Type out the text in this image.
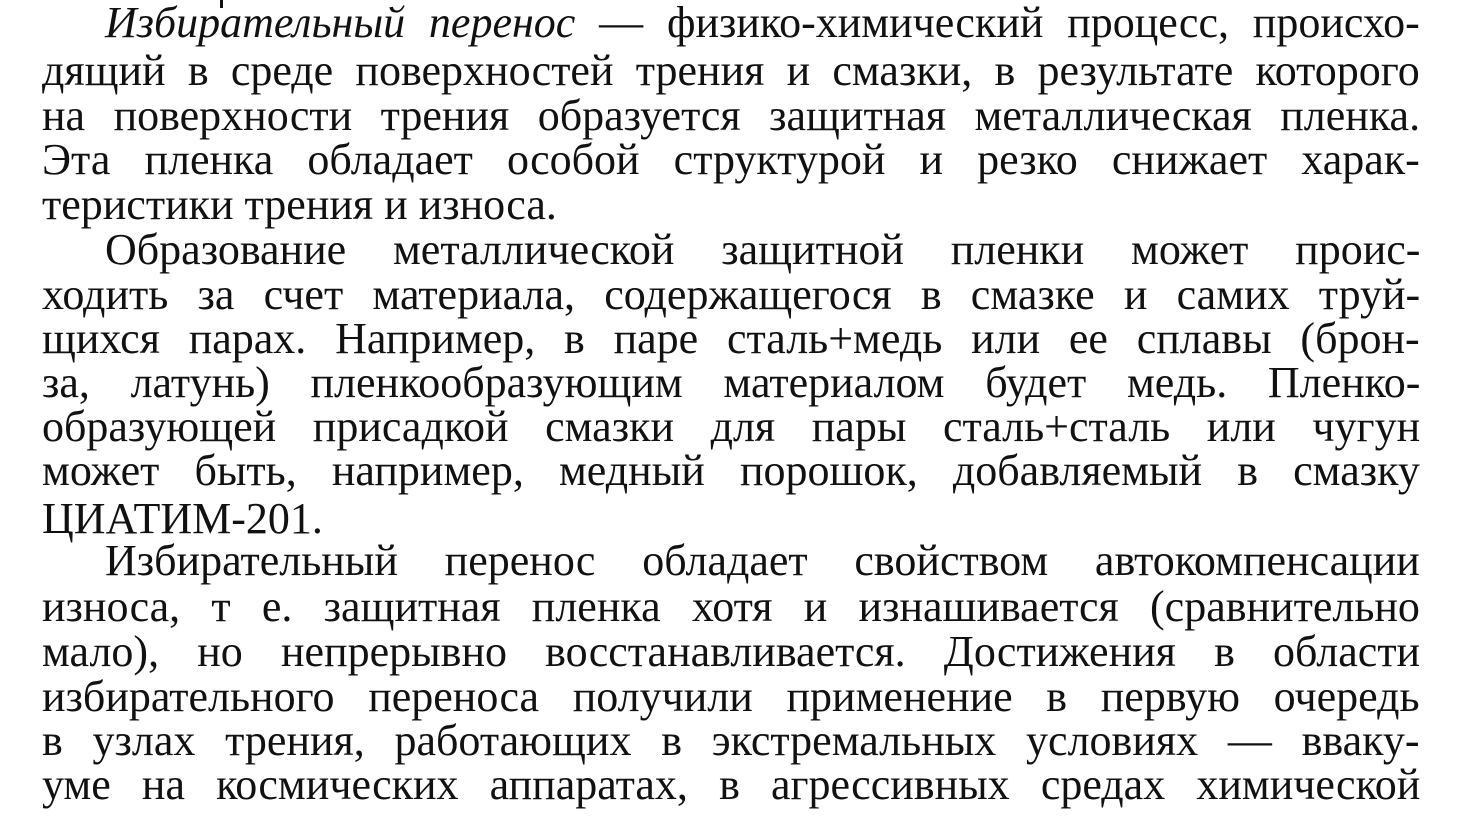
Избирательный перенос — физико-химический процесс, происхо-

дящий в среде поверхностей трения и смазки, в результате которого

на поверхности трения образуется защитная металлическая пленка.

Эта пленка обладает особой структурой и резко снижает харак-

теристики трения и износа.

Образование металлической защитной пленки может проис-

ходить за счет материала, содержащегося в смазке и самих труй-

щихся парах. Например, в паре сталь+медь или ее сплавы (брон-

за, латунь) пленкообразующим материалом будет медь. Пленко-

образующей присадкой смазки для пары сталь+сталь или чугун

может быть, например, медный порошок, добавляемый в смазку

ЦИАТИМ-201.

Избирательный перенос обладает свойством автокомпенсации

износа, т е. защитная пленка хотя и изнашивается (сравнительно

мало), но непрерывно восстанавливается. Достижения в области

избирательного переноса получили применение в первую очередь

в узлах трения, работающих в экстремальных условиях — вваку-

уме на космических аппаратах, в агрессивных средах химической
